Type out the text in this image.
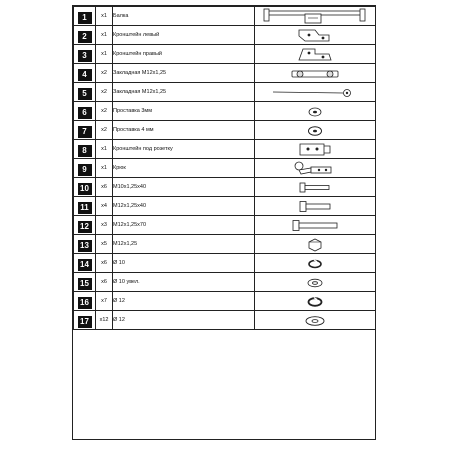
1	x1	Балка	

2	x1	Кронштейн левый	

3	x1	Кронштейн правый	

4	x2	Закладная М12х1,25	

5	x2	Закладная М12х1,25	

6	x2	Проставка 3мм	

7	x2	Проставка 4 мм	

8	x1	Кронштейн под розетку	

9	x1	Крюк	

10	x6	М10х1,25х40	

11	x4	М12х1,25х40	

12	x3	М12х1,25х70	

13	x5	М12х1,25	

14	x6	Ø 10	

15	x6	Ø 10 увел.	

16	x7	Ø 12	

17	x12	Ø 12	
